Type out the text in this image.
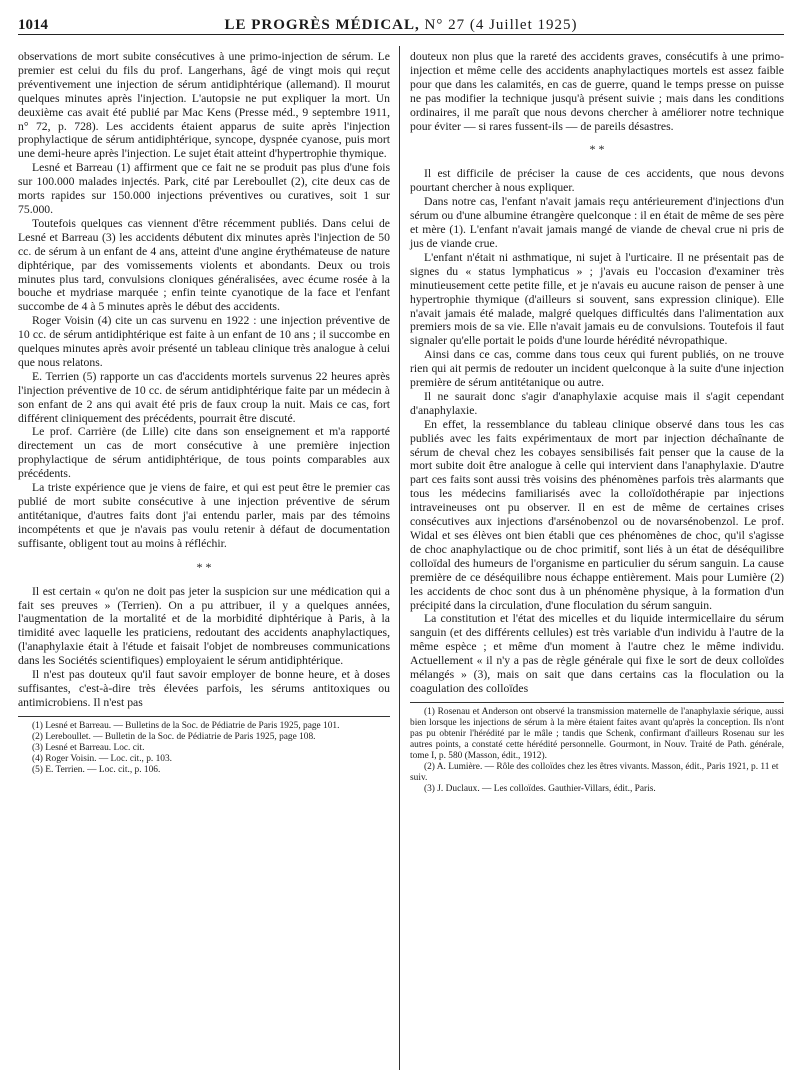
1014	LE PROGRÈS MÉDICAL, N° 27 (4 Juillet 1925)

observations de mort subite consécutives à une primo-injection de sérum. Le premier est celui du fils du prof. Langerhans, âgé de vingt mois qui reçut préventivement une injection de sérum antidiphtérique (allemand). Il mourut quelques minutes après l'injection. L'autopsie ne put expliquer la mort. Un deuxième cas avait été publié par Mac Kens (Presse méd., 9 septembre 1911, n° 72, p. 728). Les accidents étaient apparus de suite après l'injection prophylactique de sérum antidiphtérique, syncope, dyspnée cyanose, puis mort une demi-heure après l'injection. Le sujet était atteint d'hypertrophie thymique.

Lesné et Barreau (1) affirment que ce fait ne se produit pas plus d'une fois sur 100.000 malades injectés. Park, cité par Lereboullet (2), cite deux cas de morts rapides sur 150.000 injections préventives ou curatives, soit 1 sur 75.000.

Toutefois quelques cas viennent d'être récemment publiés. Dans celui de Lesné et Barreau (3) les accidents débutent dix minutes après l'injection de 50 cc. de sérum à un enfant de 4 ans, atteint d'une angine érythémateuse de nature diphtérique, par des vomissements violents et abondants. Deux ou trois minutes plus tard, convulsions cloniques généralisées, avec écume rosée à la bouche et mydriase marquée ; enfin teinte cyanotique de la face et l'enfant succombe de 4 à 5 minutes après le début des accidents.

Roger Voisin (4) cite un cas survenu en 1922 : une injection préventive de 10 cc. de sérum antidiphtérique est faite à un enfant de 10 ans ; il succombe en quelques minutes après avoir présenté un tableau clinique très analogue à celui que nous relatons.

E. Terrien (5) rapporte un cas d'accidents mortels survenus 22 heures après l'injection préventive de 10 cc. de sérum antidiphtérique faite par un médecin à son enfant de 2 ans qui avait été pris de faux croup la nuit. Mais ce cas, fort différent cliniquement des précédents, pourrait être discuté.

Le prof. Carrière (de Lille) cite dans son enseignement et m'a rapporté directement un cas de mort consécutive à une première injection prophylactique de sérum antidiphtérique, de tous points comparables aux précédents.

La triste expérience que je viens de faire, et qui est peut être le premier cas publié de mort subite consécutive à une injection préventive de sérum antitétanique, d'autres faits dont j'ai entendu parler, mais par des témoins incompétents et que je n'avais pas voulu retenir à défaut de documentation suffisante, obligent tout au moins à réfléchir.

* *

Il est certain « qu'on ne doit pas jeter la suspicion sur une médication qui a fait ses preuves » (Terrien). On a pu attribuer, il y a quelques années, l'augmentation de la mortalité et de la morbidité diphtérique à Paris, à la timidité avec laquelle les praticiens, redoutant des accidents anaphylactiques, (l'anaphylaxie était à l'étude et faisait l'objet de nombreuses communications dans les Sociétés scientifiques) employaient le sérum antidiphtérique.

Il n'est pas douteux qu'il faut savoir employer de bonne heure, et à doses suffisantes, c'est-à-dire très élevées parfois, les sérums antitoxiques ou antimicrobiens. Il n'est pas

(1) Lesné et Barreau. — Bulletins de la Soc. de Pédiatrie de Paris 1925, page 101.

(2) Lereboullet. — Bulletin de la Soc. de Pédiatrie de Paris 1925, page 108.

(3) Lesné et Barreau. Loc. cit.

(4) Roger Voisin. — Loc. cit., p. 103.

(5) E. Terrien. — Loc. cit., p. 106.

douteux non plus que la rareté des accidents graves, consécutifs à une primo-injection et même celle des accidents anaphylactiques mortels est assez faible pour que dans les calamités, en cas de guerre, quand le temps presse on puisse ne pas modifier la technique jusqu'à présent suivie ; mais dans les conditions ordinaires, il me paraît que nous devons chercher à améliorer notre technique pour éviter — si rares fussent-ils — de pareils désastres.

* *

Il est difficile de préciser la cause de ces accidents, que nous devons pourtant chercher à nous expliquer.

Dans notre cas, l'enfant n'avait jamais reçu antérieurement d'injections d'un sérum ou d'une albumine étrangère quelconque : il en était de même de ses père et mère (1). L'enfant n'avait jamais mangé de viande de cheval crue ni pris de jus de viande crue.

L'enfant n'était ni asthmatique, ni sujet à l'urticaire. Il ne présentait pas de signes du « status lymphaticus » ; j'avais eu l'occasion d'examiner très minutieusement cette petite fille, et je n'avais eu aucune raison de penser à une hypertrophie thymique (d'ailleurs si souvent, sans expression clinique). Elle n'avait jamais été malade, malgré quelques difficultés dans l'alimentation aux premiers mois de sa vie. Elle n'avait jamais eu de convulsions. Toutefois il faut signaler qu'elle portait le poids d'une lourde hérédité névropathique.

Ainsi dans ce cas, comme dans tous ceux qui furent publiés, on ne trouve rien qui ait permis de redouter un incident quelconque à la suite d'une injection première de sérum antitétanique ou autre.

Il ne saurait donc s'agir d'anaphylaxie acquise mais il s'agit cependant d'anaphylaxie.

En effet, la ressemblance du tableau clinique observé dans tous les cas publiés avec les faits expérimentaux de mort par injection déchaînante de sérum de cheval chez les cobayes sensibilisés fait penser que la cause de la mort subite doit être analogue à celle qui intervient dans l'anaphylaxie. D'autre part ces faits sont aussi très voisins des phénomènes parfois très alarmants que tous les médecins familiarisés avec la colloïdothérapie par injections intraveineuses ont pu observer. Il en est de même de certaines crises consécutives aux injections d'arsénobenzol ou de novarsénobenzol. Le prof. Widal et ses élèves ont bien établi que ces phénomènes de choc, qu'il s'agisse de choc anaphylactique ou de choc primitif, sont liés à un état de déséquilibre colloïdal des humeurs de l'organisme en particulier du sérum sanguin. La cause première de ce déséquilibre nous échappe entièrement. Mais pour Lumière (2) les accidents de choc sont dus à un phénomène physique, à la formation d'un précipité dans la circulation, d'une floculation du sérum sanguin.

La constitution et l'état des micelles et du liquide intermicellaire du sérum sanguin (et des différents cellules) est très variable d'un individu à l'autre de la même espèce ; et même d'un moment à l'autre chez le même individu. Actuellement « il n'y a pas de règle générale qui fixe le sort de deux colloïdes mélangés » (3), mais on sait que dans certains cas la floculation ou la coagulation des colloïdes

(1) Rosenau et Anderson ont observé la transmission maternelle de l'anaphylaxie sérique, aussi bien lorsque les injections de sérum à la mère étaient faites avant qu'après la conception. Ils n'ont pas pu obtenir l'hérédité par le mâle ; tandis que Schenk, confirmant d'ailleurs Rosenau sur les autres points, a constaté cette hérédité personnelle. Gourmont, in Nouv. Traité de Path. générale, tome I, p. 580 (Masson, édit., 1912).

(2) A. Lumière. — Rôle des colloïdes chez les êtres vivants. Masson, édit., Paris 1921, p. 11 et suiv.

(3) J. Duclaux. — Les colloïdes. Gauthier-Villars, édit., Paris.
